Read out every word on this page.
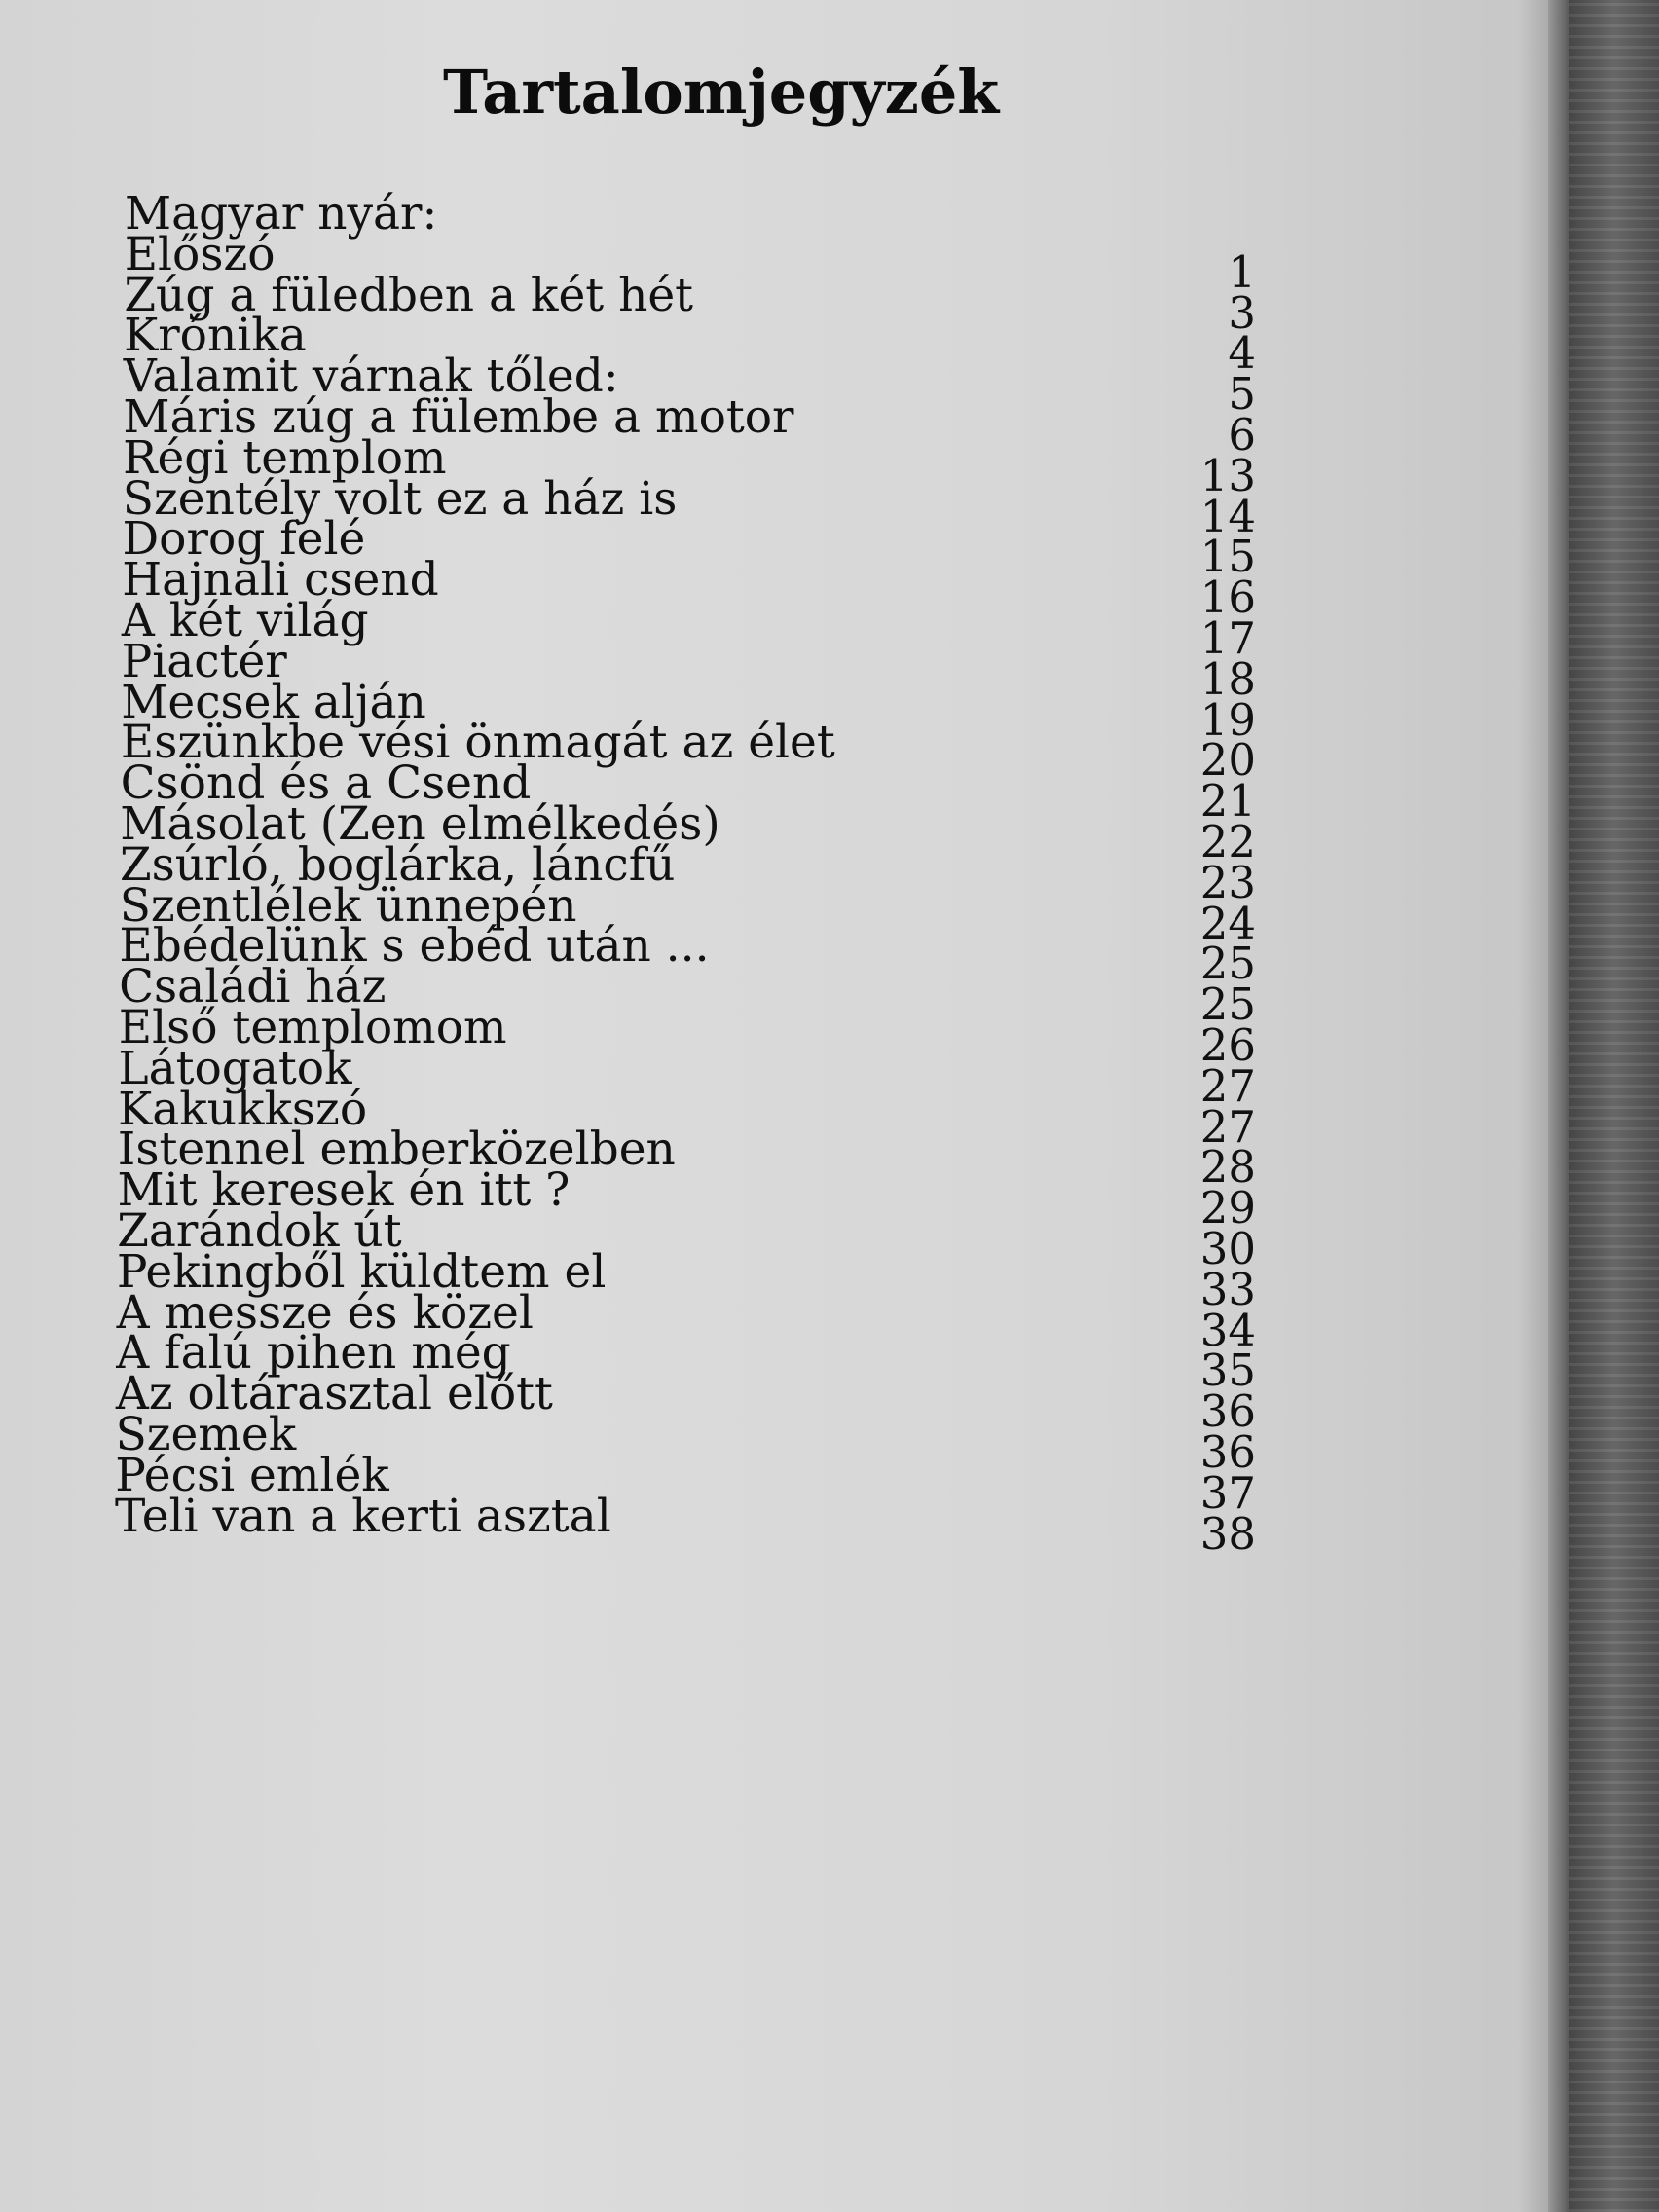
Tartalomjegyzék
Magyar nyár:
Előszó	1
Zúg a füledben a két hét	3
Krónika	4
Valamit várnak tőled:	5
Máris zúg a fülembe a motor	6
Régi templom	13
Szentély volt ez a ház is	14
Dorog felé	15
Hajnali csend	16
A két világ	17
Piactér	18
Mecsek alján	19
Eszünkbe vési önmagát az élet	20
Csönd és a Csend	21
Másolat (Zen elmélkedés)	22
Zsúrló, boglárka, láncfű	23
Szentlélek ünnepén	24
Ebédelünk s ebéd után ...	25
Családi ház	25
Első templomom	26
Látogatok	27
Kakukkszó	27
Istennel emberközelben	28
Mit keresek én itt ?	29
Zarándok út	30
Pekingből küldtem el	33
A messze és közel	34
A falú pihen még	35
Az oltárasztal előtt	36
Szemek	36
Pécsi emlék	37
Teli van a kerti asztal	38
